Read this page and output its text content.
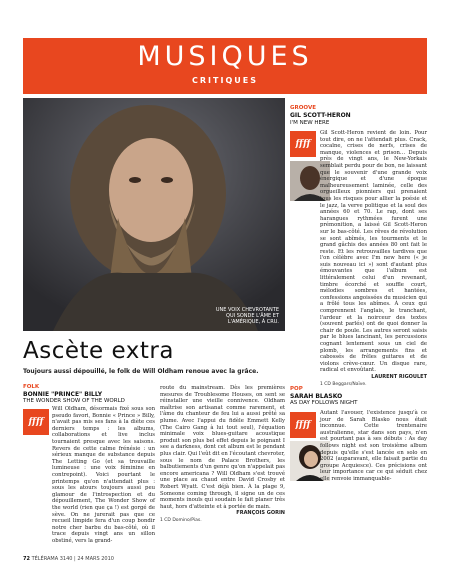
MUSIQUES
CRITIQUES
UNE VOIX CHEVROTANTE QUI SONDE L'ÂME ET L'AMÉRIQUE, À CRU.
Ascète extra
Toujours aussi dépouillé, le folk de Will Oldham renoue avec la grâce.
FOLK
BONNIE "PRINCE" BILLY
THE WONDER SHOW OF THE WORLD
ffff

Will Oldham, désormais fixé sous son pseudo favori, Bonnie « Prince » Billy, n'avait pas mis ses fans à la diète ces derniers temps : les albums, collaborations et live inclus tournaient presque avec les saisons. Revers de cette calme frénésie : un sérieux manque de substance depuis The Letting Go (et sa trouvaille lumineuse : une voix féminine en contrepoint). Voici pourtant le printemps qu'on n'attendait plus : sous les atours toujours aussi peu glamour de l'introspection et du dépouillement, The Wonder Show of the world (rien que ça !) est gorgé de sève. On ne jurerait pas que ce recueil limpide fera d'un coup bondir notre cher barbu du bas-côté, où il trace depuis vingt ans un sillon obstiné, vers la grand-

route du mainstream. Dès les premières mesures de Troublesome Houses, on sent se réinstaller une vieille connivence. Oldham maîtrise son artisanat comme rarement, et l'âme du chanteur de feu lui a aussi prêté sa plume. Avec l'appui du fidèle Emmett Kelly (The Cairo Gang à lui tout seul), l'équation minimale voix blues-guitare acoustique produit son plus bel effet depuis le poignant I see a darkness, dont cet album est le pendant plus clair. Qui l'eût dit en l'écoutant chevroter, sous le nom de Palace Brothers, les balbutiements d'un genre qu'on n'appelait pas encore americana ? Will Oldham s'est trouvé une place au chaud entre David Crosby et Robert Wyatt. C'est déjà bien. À la plage 9, Someone coming through, il signe un de ces moments inouïs qui soudain le fait planer très haut, hors d'atteinte et à portée de main.

FRANÇOIS GORIN
1 CD Domino/Pias.
GROOVE
GIL SCOTT-HERON
I'M NEW HERE
ffff

Gil Scott-Heron revient de loin. Pour tout dire, on ne l'attendait plus. Crack, cocaïne, crises de nerfs, crises de manque, violences et prison… Depuis près de vingt ans, le New-Yorkais semblait perdu pour de bon, ne laissant que le souvenir d'une grande voix énergique et d'une époque malheureusement laminée, celle des orgueilleux pionniers qui prenaient tous les risques pour allier la poésie et le jazz, la verve politique et la soul des années 60 et 70. Le rap, dont ses harangues rythmées furent une prémonition, a laissé Gil Scott-Heron sur le bas-côté. Les rêves de révolution se sont abîmés, les tourments et le grand gâchis des années 80 ont fait le reste. Et les retrouvailles tardives que l'on célèbre avec I'm new here (« je suis nouveau ici ») sont d'autant plus émouvantes que l'album est littéralement celui d'un revenant, timbre écorché et souffle court, mélodies sombres et hantées, confessions angoissées du musicien qui a frôlé tous les abîmes. À ceux qui comprennent l'anglais, le tranchant, l'ardeur et la noirceur des textes (souvent parlés) ont de quoi donner la chair de poule. Les autres seront saisis par le blues lancinant, les percussions cognant lentement sous un ciel de plomb, les arrangements fins et cabossés de frêles guitares et de violons crève-cœur. Un disque rare, radical et envoûtant.

LAURENT RIGOULET
1 CD Beggars/Naïve.
POP
SARAH BLASKO
AS DAY FOLLOWS NIGHT
ffff

Autant l'avouer, l'existence jusqu'à ce jour de Sarah Blasko nous était inconnue. Cette trentenaire australienne, star dans son pays, n'en est pourtant pas à ses débuts : As day follows night est son troisième album depuis qu'elle s'est lancée en solo en 2002 (auparavant, elle faisait partie du groupe Acquiesce). Ces précisions ont leur importance car ce qui séduit chez elle renvoie immanquable-

72 TÉLÉRAMA 3140 | 24 MARS 2010
